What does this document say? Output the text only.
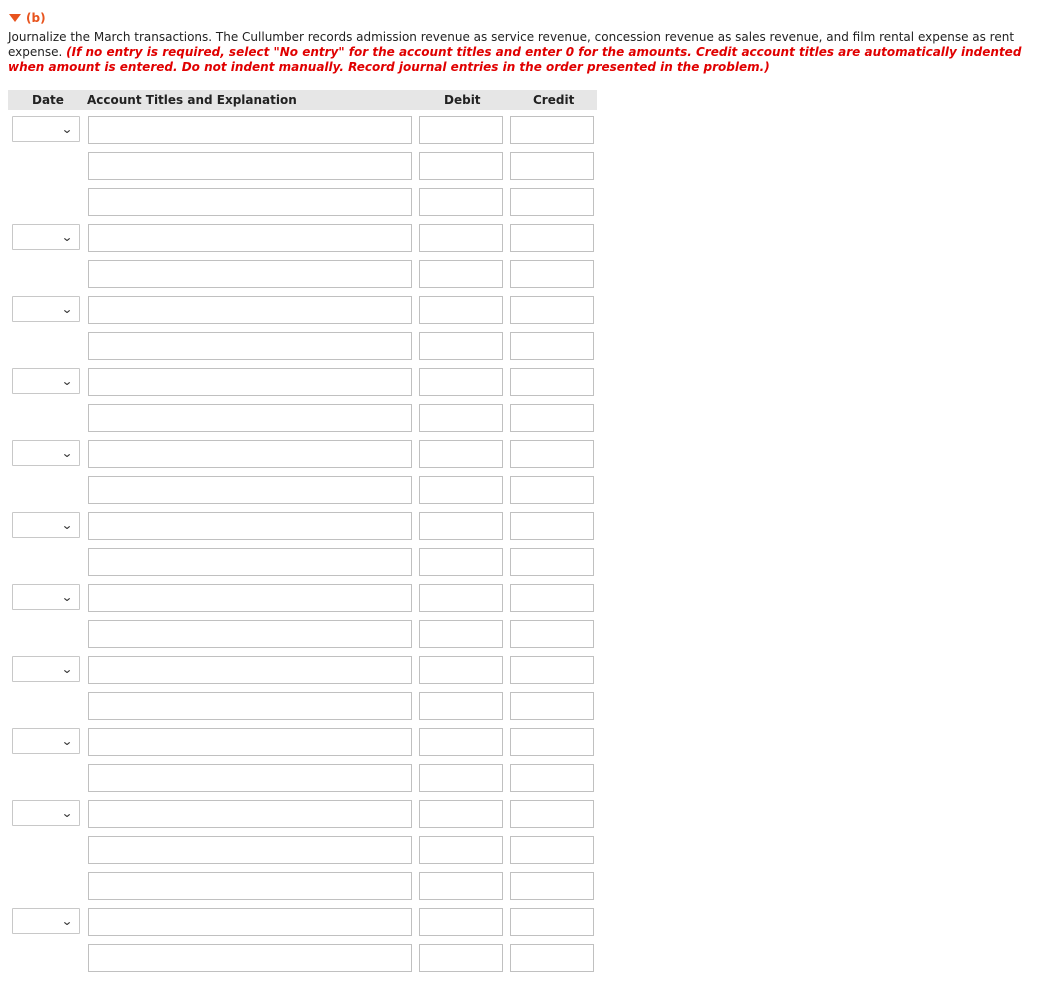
(b)
Journalize the March transactions. The Cullumber records admission revenue as service revenue, concession revenue as sales revenue, and film rental expense as rent expense. (If no entry is required, select "No entry" for the account titles and enter 0 for the amounts. Credit account titles are automatically indented when amount is entered. Do not indent manually. Record journal entries in the order presented in the problem.)
Date Account Titles and Explanation	Debit	Credit
⌄
⌄
⌄
⌄
⌄
⌄
⌄
⌄
⌄
⌄
⌄
